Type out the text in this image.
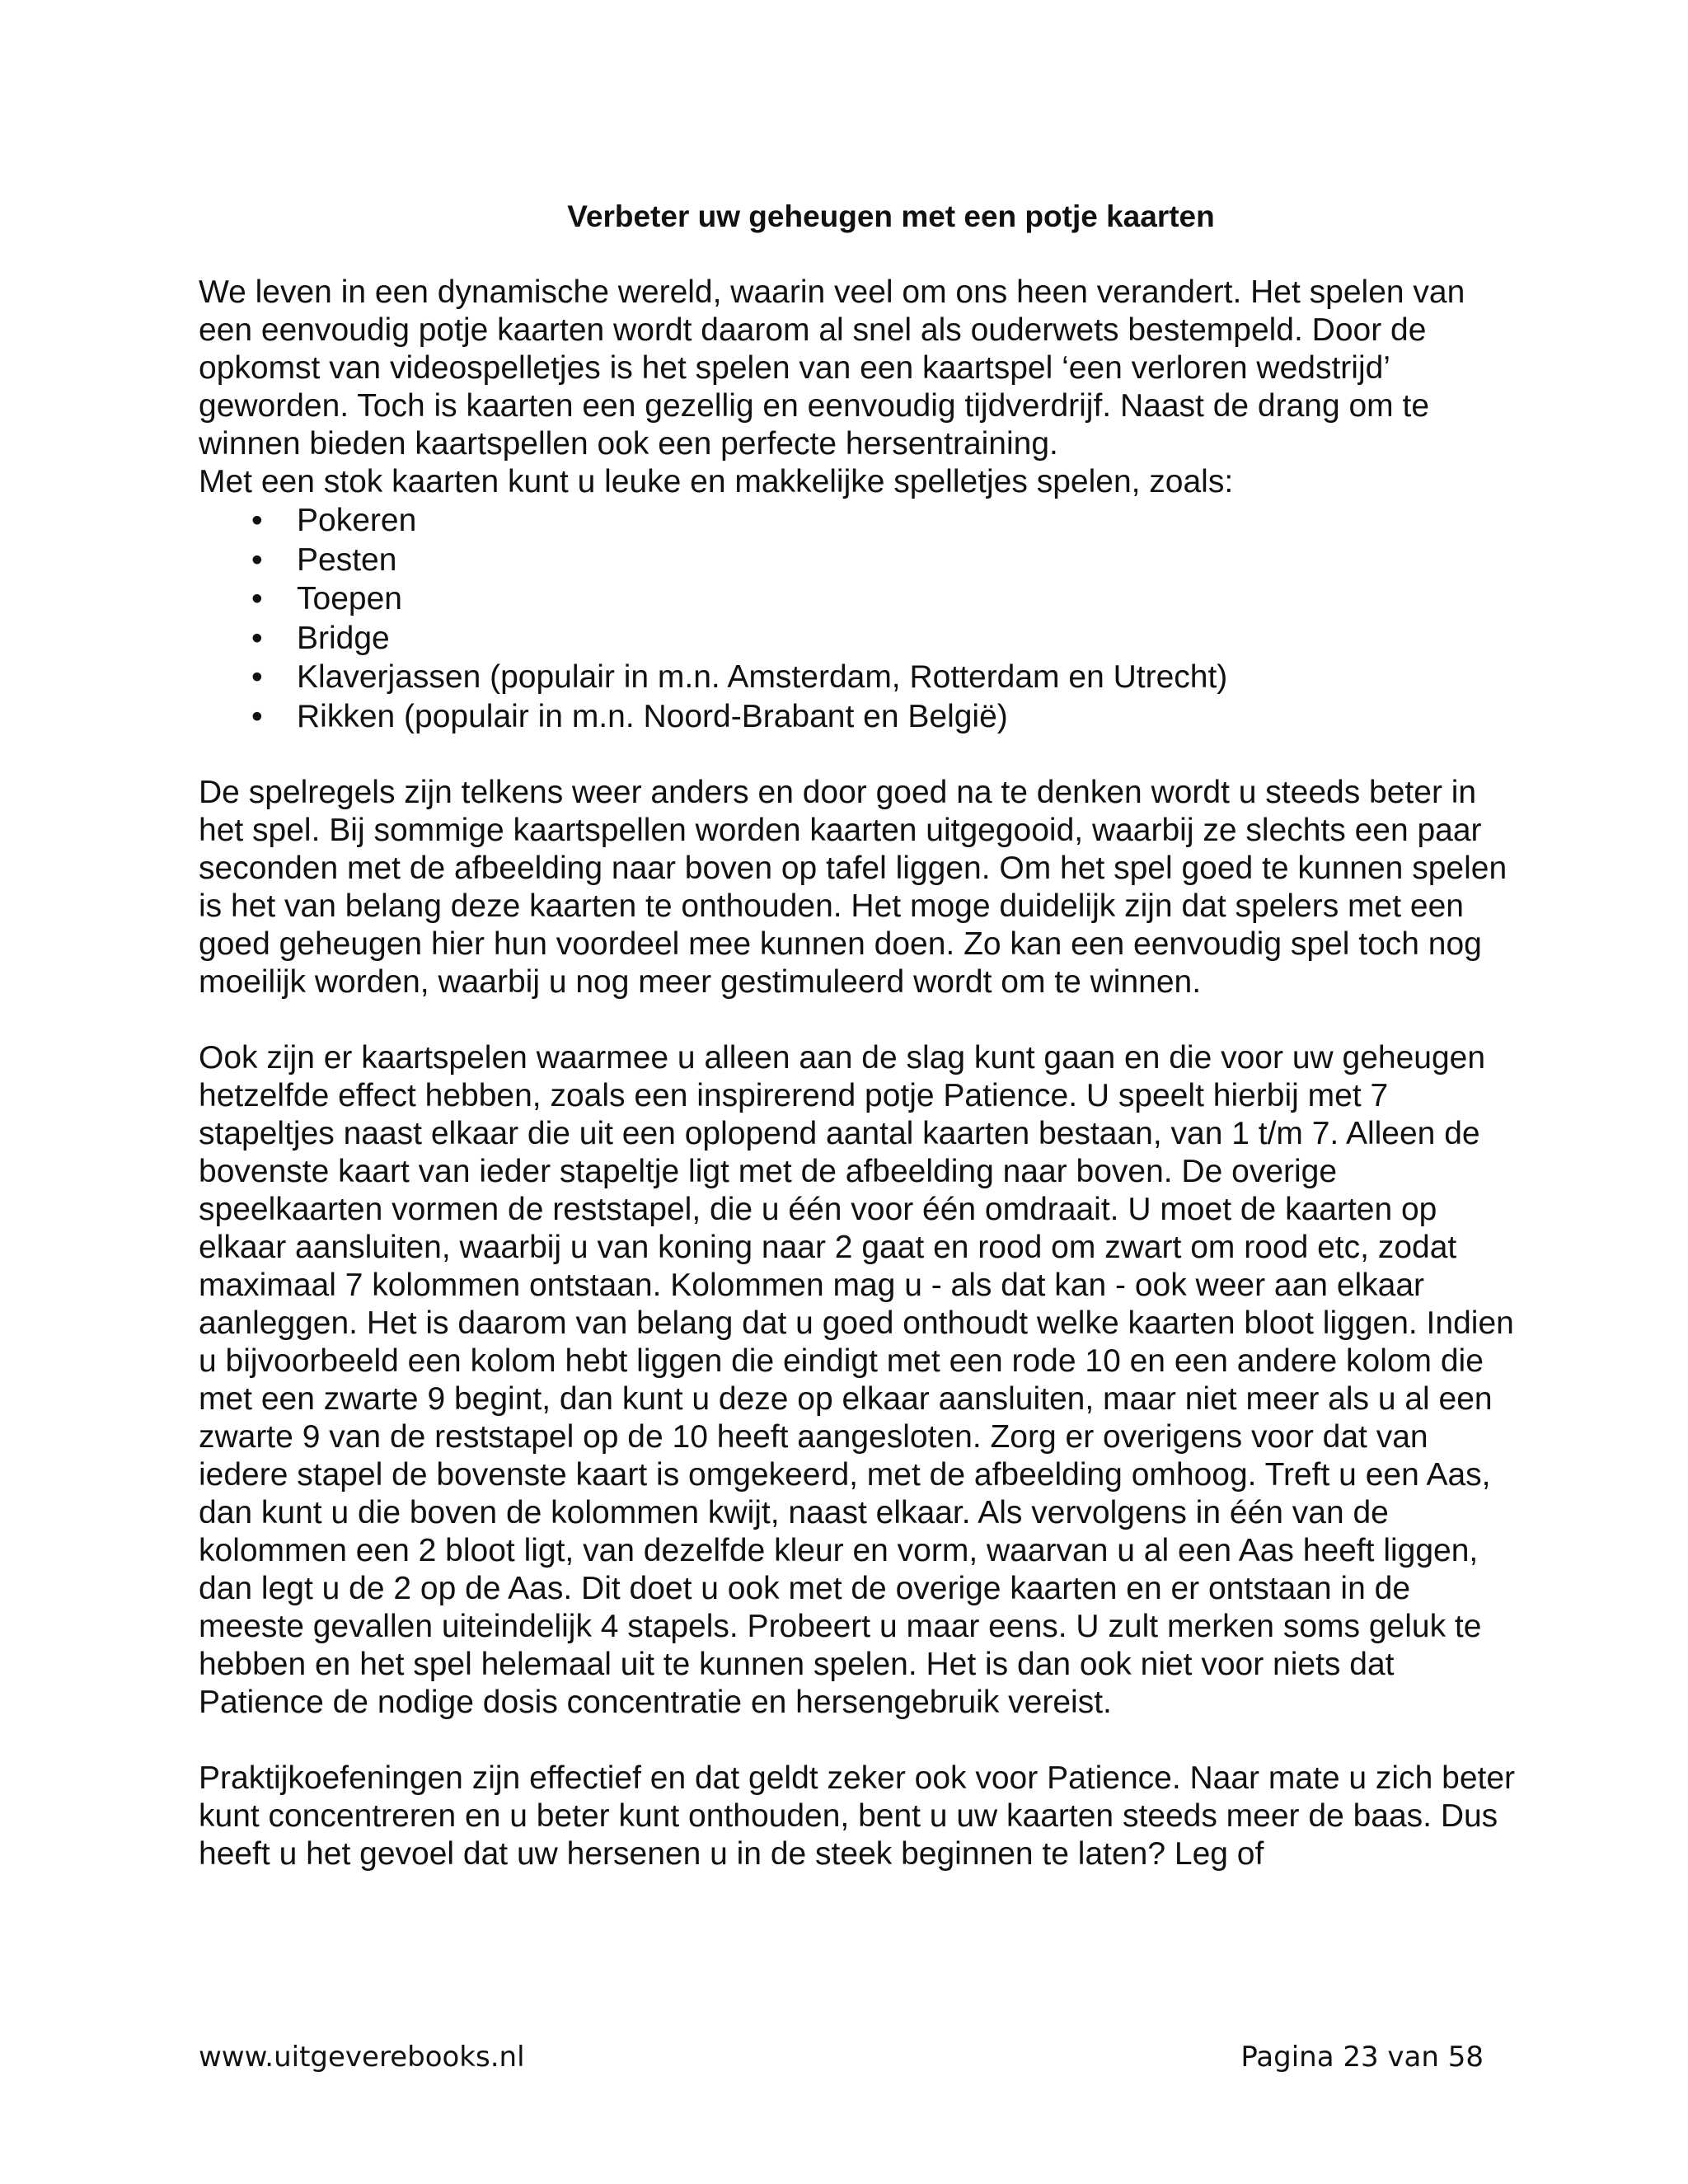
Verbeter uw geheugen met een potje kaarten

We leven in een dynamische wereld, waarin veel om ons heen verandert. Het spelen van een eenvoudig potje kaarten wordt daarom al snel als ouderwets bestempeld. Door de opkomst van videospelletjes is het spelen van een kaartspel ‘een verloren wedstrijd’ geworden. Toch is kaarten een gezellig en eenvoudig tijdverdrijf. Naast de drang om te winnen bieden kaartspellen ook een perfecte hersentraining.

Met een stok kaarten kunt u leuke en makkelijke spelletjes spelen, zoals:

• Pokeren
• Pesten
• Toepen
• Bridge
• Klaverjassen (populair in m.n. Amsterdam, Rotterdam en Utrecht)
• Rikken (populair in m.n. Noord-Brabant en België)

De spelregels zijn telkens weer anders en door goed na te denken wordt u steeds beter in het spel. Bij sommige kaartspellen worden kaarten uitgegooid, waarbij ze slechts een paar seconden met de afbeelding naar boven op tafel liggen. Om het spel goed te kunnen spelen is het van belang deze kaarten te onthouden. Het moge duidelijk zijn dat spelers met een goed geheugen hier hun voordeel mee kunnen doen. Zo kan een eenvoudig spel toch nog moeilijk worden, waarbij u nog meer gestimuleerd wordt om te winnen.

Ook zijn er kaartspelen waarmee u alleen aan de slag kunt gaan en die voor uw geheugen hetzelfde effect hebben, zoals een inspirerend potje Patience. U speelt hierbij met 7 stapeltjes naast elkaar die uit een oplopend aantal kaarten bestaan, van 1 t/m 7. Alleen de bovenste kaart van ieder stapeltje ligt met de afbeelding naar boven. De overige speelkaarten vormen de reststapel, die u één voor één omdraait. U moet de kaarten op elkaar aansluiten, waarbij u van koning naar 2 gaat en rood om zwart om rood etc, zodat maximaal 7 kolommen ontstaan. Kolommen mag u - als dat kan - ook weer aan elkaar aanleggen. Het is daarom van belang dat u goed onthoudt welke kaarten bloot liggen. Indien u bijvoorbeeld een kolom hebt liggen die eindigt met een rode 10 en een andere kolom die met een zwarte 9 begint, dan kunt u deze op elkaar aansluiten, maar niet meer als u al een zwarte 9 van de reststapel op de 10 heeft aangesloten. Zorg er overigens voor dat van iedere stapel de bovenste kaart is omgekeerd, met de afbeelding omhoog. Treft u een Aas, dan kunt u die boven de kolommen kwijt, naast elkaar. Als vervolgens in één van de kolommen een 2 bloot ligt, van dezelfde kleur en vorm, waarvan u al een Aas heeft liggen, dan legt u de 2 op de Aas. Dit doet u ook met de overige kaarten en er ontstaan in de meeste gevallen uiteindelijk 4 stapels. Probeert u maar eens. U zult merken soms geluk te hebben en het spel helemaal uit te kunnen spelen. Het is dan ook niet voor niets dat Patience de nodige dosis concentratie en hersengebruik vereist.

Praktijkoefeningen zijn effectief en dat geldt zeker ook voor Patience. Naar mate u zich beter kunt concentreren en u beter kunt onthouden, bent u uw kaarten steeds meer de baas. Dus heeft u het gevoel dat uw hersenen u in de steek beginnen te laten? Leg of

www.uitgeverebooks.nl	Pagina 23 van 58
